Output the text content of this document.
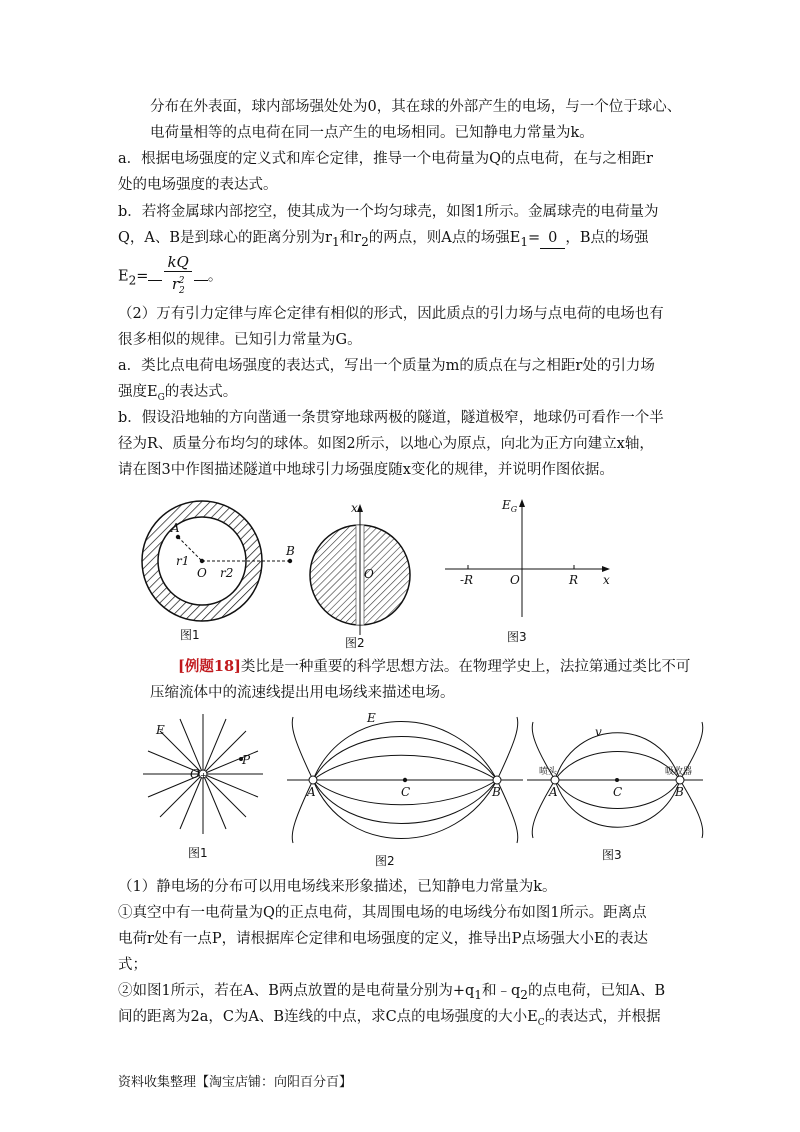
分布在外表面，球内部场强处处为0，其在球的外部产生的电场，与一个位于球心、
电荷量相等的点电荷在同一点产生的电场相同。已知静电力常量为k。
a．根据电场强度的定义式和库仑定律，推导一个电荷量为Q的点电荷，在与之相距r
处的电场强度的表达式。
b．若将金属球内部挖空，使其成为一个均匀球壳，如图1所示。金属球壳的电荷量为
Q，A、B是到球心的距离分别为$r_1$和$r_2$的两点，则A点的场强$E_1= 0$ ，B点的场强
$E_2= \frac{kQ}{r_2^2}$ 。
（2）万有引力定律与库仑定律有相似的形式，因此质点的引力场与点电荷的电场也有
很多相似的规律。已知引力常量为G。
a．类比点电荷电场强度的表达式，写出一个质量为m的质点在与之相距r处的引力场
强度$E_G$的表达式。
b．假设沿地轴的方向凿通一条贯穿地球两极的隧道，隧道极窄，地球仍可看作一个半
径为R、质量分布均匀的球体。如图2所示，以地心为原点，向北为正方向建立x轴，
请在图3中作图描述隧道中地球引力场强度随x变化的规律，并说明作图依据。
A
B
O
r1
r2
图1
x
O
图2
$E_G$
-R	O	R x
图3
[例题18]类比是一种重要的科学思想方法。在物理学史上，法拉第通过类比不可
压缩流体中的流速线提出用电场线来描述电场。
+
E
P
O
图1
E
A	C	B
图2
v
喷头	吸收器
A	C	B
图3
（1）静电场的分布可以用电场线来形象描述，已知静电力常量为k。
①真空中有一电荷量为Q的正点电荷，其周围电场的电场线分布如图1所示。距离点
电荷r处有一点P，请根据库仑定律和电场强度的定义，推导出P点场强大小E的表达
式；
②如图1所示，若在A、B两点放置的是电荷量分别为$+q_1$和$﹣q_2$的点电荷，已知A、B
间的距离为2a，C为A、B连线的中点，求C点的电场强度的大小$E_C$的表达式，并根据
资料收集整理【淘宝店铺：向阳百分百】
